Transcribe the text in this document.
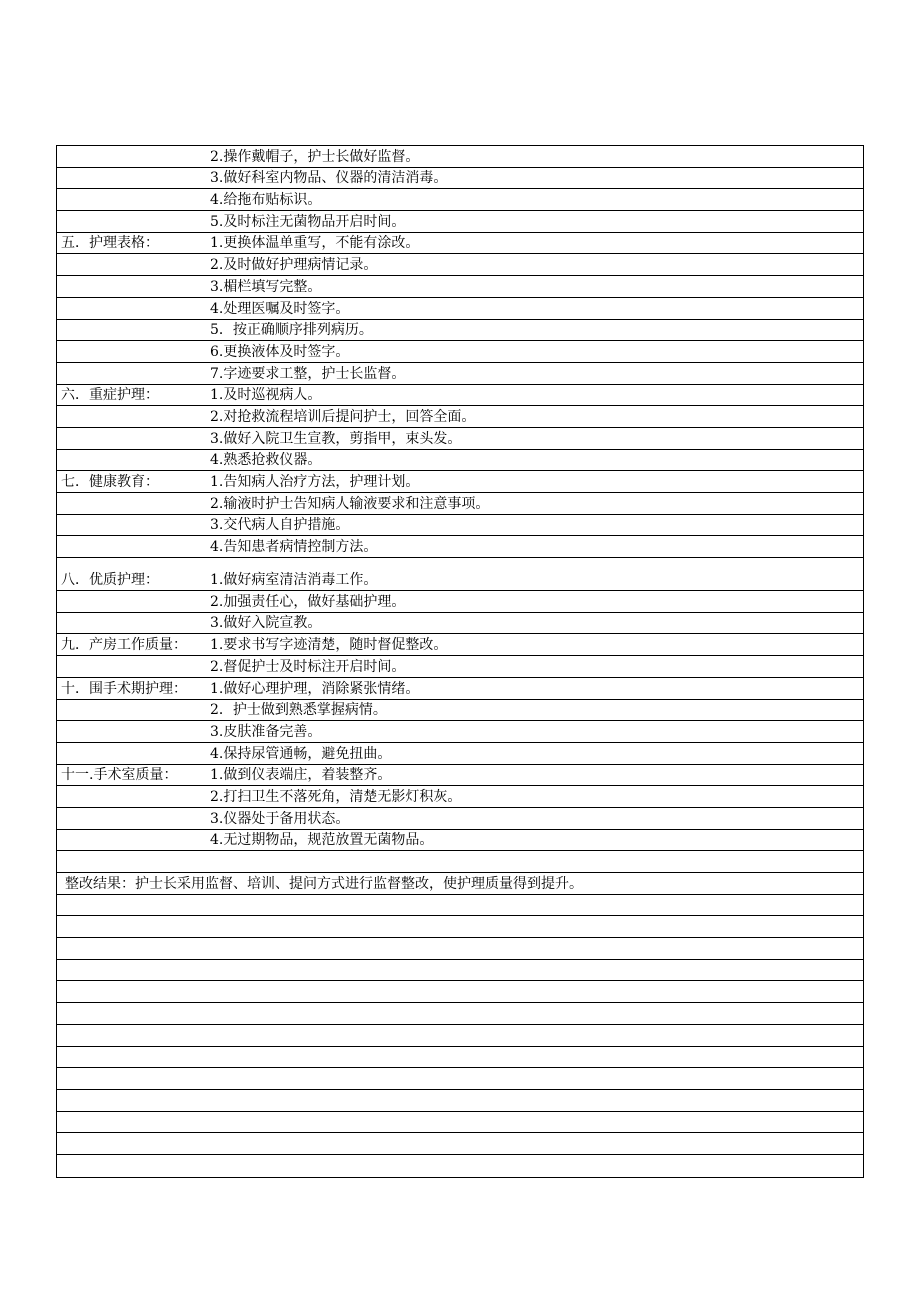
2.操作戴帽子，护士长做好监督。
3.做好科室内物品、仪器的清洁消毒。
4.给拖布贴标识。
5.及时标注无菌物品开启时间。
五．护理表格：	1.更换体温单重写，不能有涂改。
2.及时做好护理病情记录。
3.楣栏填写完整。
4.处理医嘱及时签字。
5．按正确顺序排列病历。
6.更换液体及时签字。
7.字迹要求工整，护士长监督。
六．重症护理：	1.及时巡视病人。
2.对抢救流程培训后提问护士，回答全面。
3.做好入院卫生宣教，剪指甲，束头发。
4.熟悉抢救仪器。
七．健康教育：	1.告知病人治疗方法，护理计划。
2.输液时护士告知病人输液要求和注意事项。
3.交代病人自护措施。
4.告知患者病情控制方法。
八．优质护理：	1.做好病室清洁消毒工作。
2.加强责任心，做好基础护理。
3.做好入院宣教。
九．产房工作质量： 1.要求书写字迹清楚，随时督促整改。
2.督促护士及时标注开启时间。
十．围手术期护理： 1.做好心理护理，消除紧张情绪。
2．护士做到熟悉掌握病情。
3.皮肤准备完善。
4.保持尿管通畅，避免扭曲。
十一.手术室质量： 1.做到仪表端庄，着装整齐。
2.打扫卫生不落死角，清楚无影灯积灰。
3.仪器处于备用状态。
4.无过期物品，规范放置无菌物品。
整改结果：护士长采用监督、培训、提问方式进行监督整改，使护理质量得到提升。
